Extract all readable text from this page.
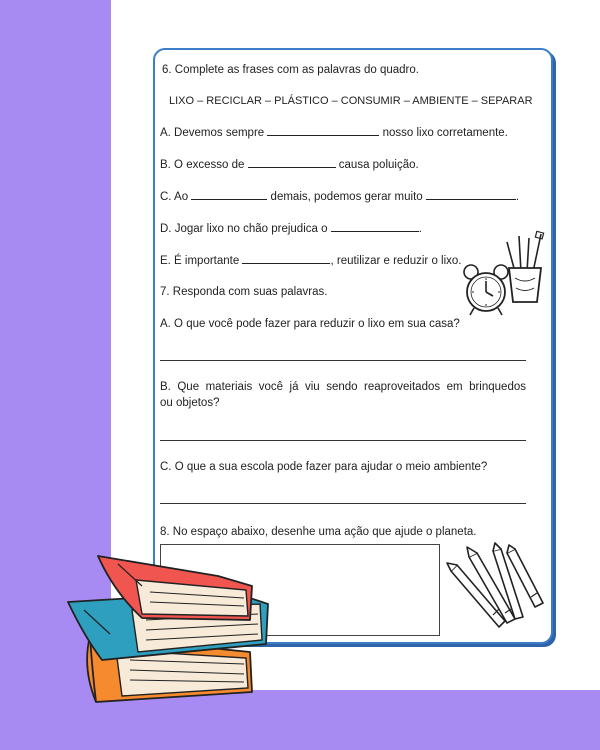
6. Complete as frases com as palavras do quadro.
LIXO – RECICLAR – PLÁSTICO – CONSUMIR – AMBIENTE – SEPARAR
A. Devemos sempre	nosso lixo corretamente.
B. O excesso de	causa poluição.
C. Ao	demais, podemos gerar muito	.
D. Jogar lixo no chão prejudica o	.
E. É importante	, reutilizar e reduzir o lixo.
7. Responda com suas palavras.
A. O que você pode fazer para reduzir o lixo em sua casa?
B. Que materiais você já viu sendo reaproveitados em brinquedos
ou objetos?
C. O que a sua escola pode fazer para ajudar o meio ambiente?
8. No espaço abaixo, desenhe uma ação que ajude o planeta.
